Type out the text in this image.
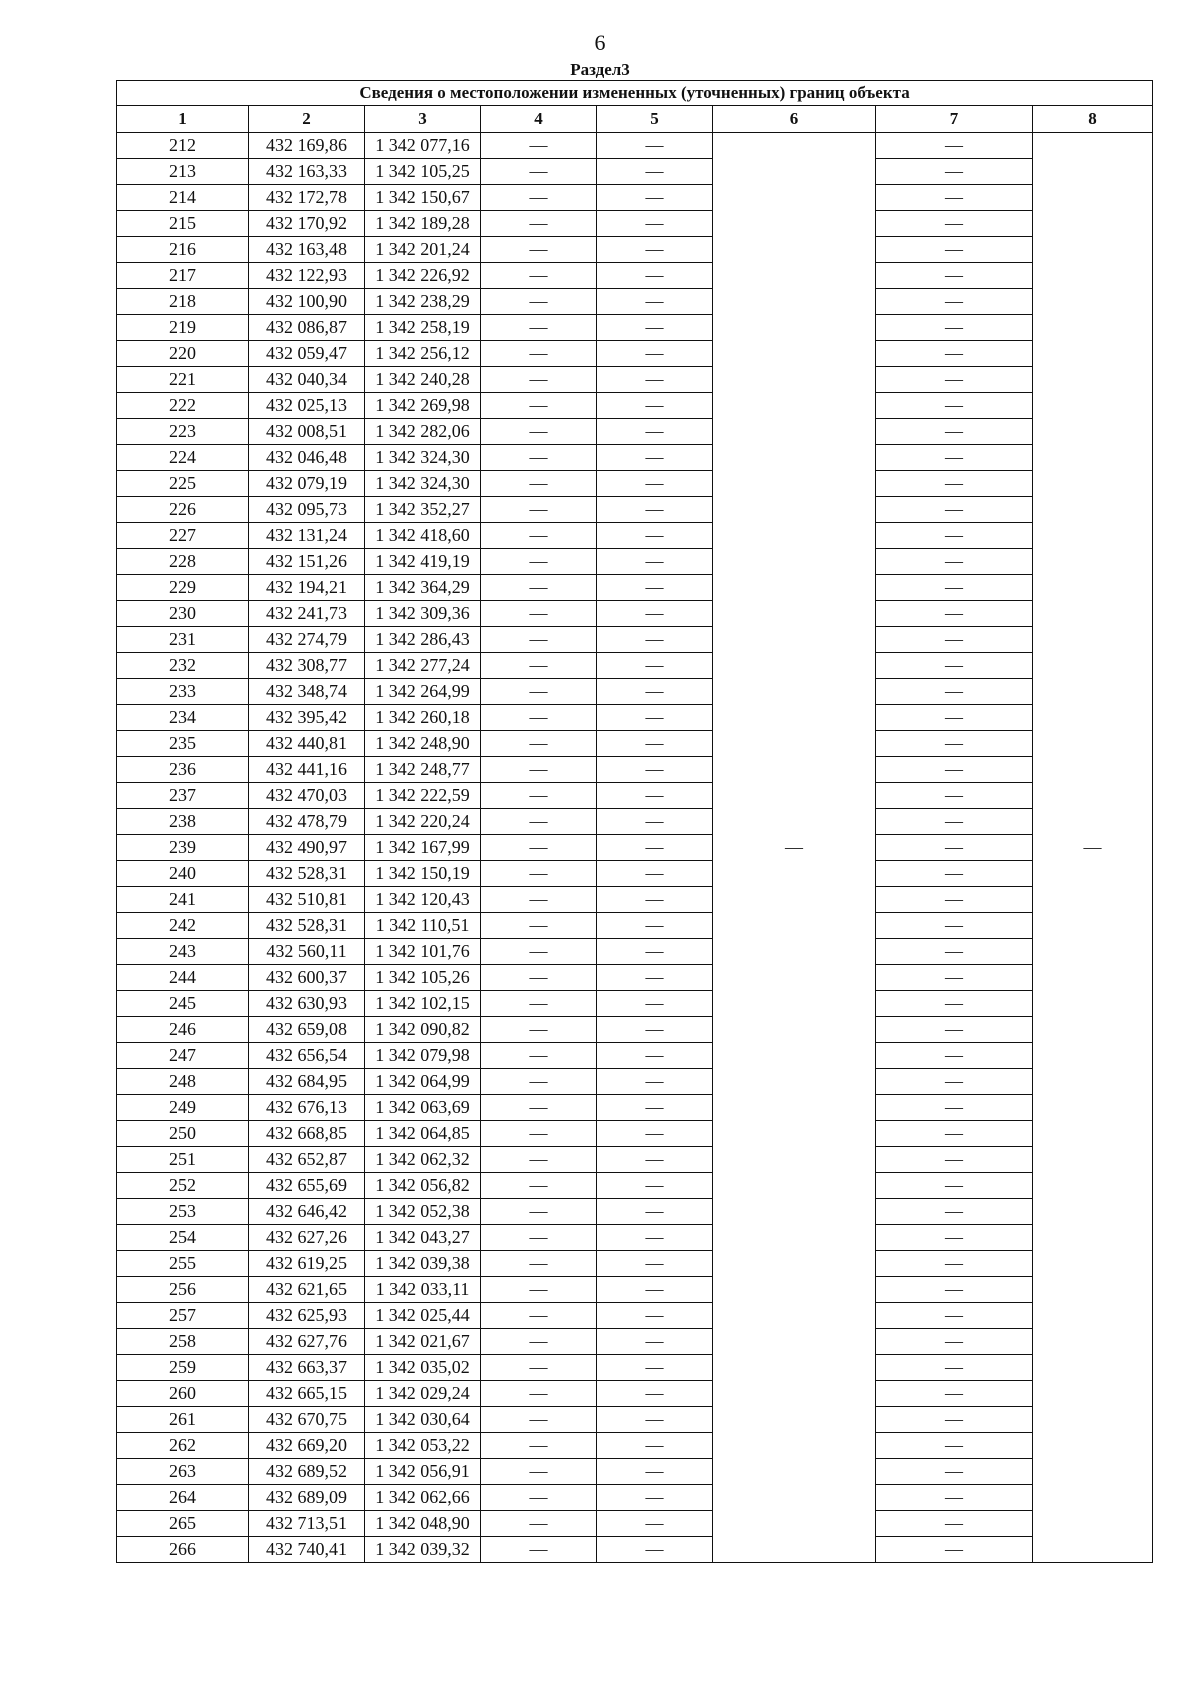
6
Раздел3
Сведения о местоположении измененных (уточненных) границ объекта							
1	2	3	4	5	6	7	8
212	432 169,86	1 342 077,16	—	—	—	—	—
213	432 163,33	1 342 105,25	—	—		—	
214	432 172,78	1 342 150,67	—	—		—	
215	432 170,92	1 342 189,28	—	—		—	
216	432 163,48	1 342 201,24	—	—		—	
217	432 122,93	1 342 226,92	—	—		—	
218	432 100,90	1 342 238,29	—	—		—	
219	432 086,87	1 342 258,19	—	—		—	
220	432 059,47	1 342 256,12	—	—		—	
221	432 040,34	1 342 240,28	—	—		—	
222	432 025,13	1 342 269,98	—	—		—	
223	432 008,51	1 342 282,06	—	—		—	
224	432 046,48	1 342 324,30	—	—		—	
225	432 079,19	1 342 324,30	—	—		—	
226	432 095,73	1 342 352,27	—	—		—	
227	432 131,24	1 342 418,60	—	—		—	
228	432 151,26	1 342 419,19	—	—		—	
229	432 194,21	1 342 364,29	—	—		—	
230	432 241,73	1 342 309,36	—	—		—	
231	432 274,79	1 342 286,43	—	—		—	
232	432 308,77	1 342 277,24	—	—		—	
233	432 348,74	1 342 264,99	—	—		—	
234	432 395,42	1 342 260,18	—	—		—	
235	432 440,81	1 342 248,90	—	—		—	
236	432 441,16	1 342 248,77	—	—		—	
237	432 470,03	1 342 222,59	—	—		—	
238	432 478,79	1 342 220,24	—	—		—	
239	432 490,97	1 342 167,99	—	—		—	
240	432 528,31	1 342 150,19	—	—		—	
241	432 510,81	1 342 120,43	—	—		—	
242	432 528,31	1 342 110,51	—	—		—	
243	432 560,11	1 342 101,76	—	—		—	
244	432 600,37	1 342 105,26	—	—		—	
245	432 630,93	1 342 102,15	—	—		—	
246	432 659,08	1 342 090,82	—	—		—	
247	432 656,54	1 342 079,98	—	—		—	
248	432 684,95	1 342 064,99	—	—		—	
249	432 676,13	1 342 063,69	—	—		—	
250	432 668,85	1 342 064,85	—	—		—	
251	432 652,87	1 342 062,32	—	—		—	
252	432 655,69	1 342 056,82	—	—		—	
253	432 646,42	1 342 052,38	—	—		—	
254	432 627,26	1 342 043,27	—	—		—	
255	432 619,25	1 342 039,38	—	—		—	
256	432 621,65	1 342 033,11	—	—		—	
257	432 625,93	1 342 025,44	—	—		—	
258	432 627,76	1 342 021,67	—	—		—	
259	432 663,37	1 342 035,02	—	—		—	
260	432 665,15	1 342 029,24	—	—		—	
261	432 670,75	1 342 030,64	—	—		—	
262	432 669,20	1 342 053,22	—	—		—	
263	432 689,52	1 342 056,91	—	—		—	
264	432 689,09	1 342 062,66	—	—		—	
265	432 713,51	1 342 048,90	—	—		—	
266	432 740,41	1 342 039,32	—	—		—	
